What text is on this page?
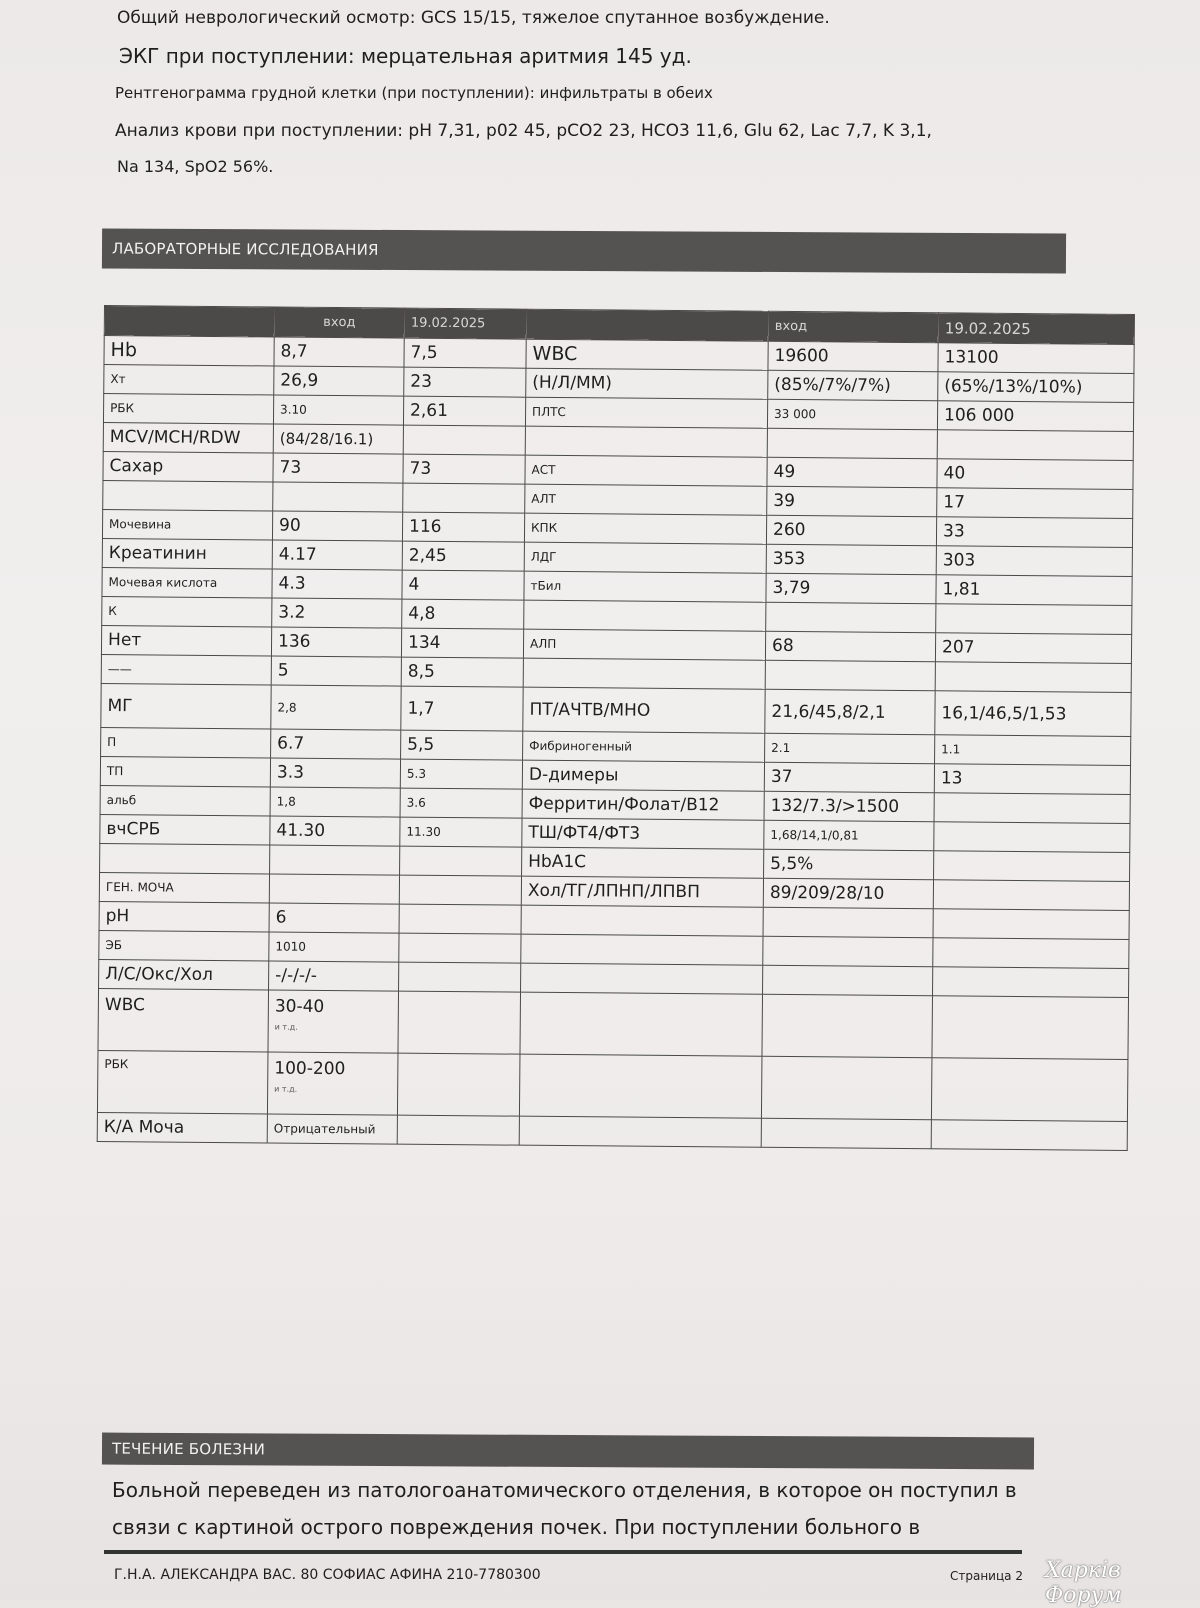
Общий неврологический осмотр: GCS 15/15, тяжелое спутанное возбуждение.
ЭКГ при поступлении: мерцательная аритмия 145 уд.
Рентгенограмма грудной клетки (при поступлении): инфильтраты в обеих
Анализ крови при поступлении: pH 7,31, p02 45, pCO2 23, HCO3 11,6, Glu 62, Lac 7,7, K 3,1,
Na 134, SpO2 56%.
ЛАБОРАТОРНЫЕ ИССЛЕДОВАНИЯ
	вход	19.02.2025		вход	19.02.2025
Hb	8,7	7,5	WBC	19600	13100
Хт	26,9	23	(Н/Л/ММ)	(85%/7%/7%)	(65%/13%/10%)
РБК	3.10	2,61	ПЛТС	33 000	106 000
MCV/MCH/RDW	(84/28/16.1)				
Сахар	73	73	АСТ	49	40
			АЛТ	39	17
Мочевина	90	116	КПК	260	33
Креатинин	4.17	2,45	ЛДГ	353	303
Мочевая кислота	4.3	4	тБил	3,79	1,81
К	3.2	4,8			
Нет	136	134	АЛП	68	207
——	5	8,5			
МГ	2,8	1,7	ПТ/АЧТВ/МНО	21,6/45,8/2,1	16,1/46,5/1,53
П	6.7	5,5	Фибриногенный	2.1	1.1
ТП	3.3	5.3	D-димеры	37	13
альб	1,8	3.6	Ферритин/Фолат/В12	132/7.3/>1500	
вчСРБ	41.30	11.30	ТШ/ФТ4/ФТ3	1,68/14,1/0,81	
			HbA1C	5,5%	
ГЕН. МОЧА			Хол/ТГ/ЛПНП/ЛПВП	89/209/28/10	
pH	6				
ЭБ	1010				
Л/С/Окс/Хол	-/-/-/-				
WBC	30-40
и т.д.				

РБК	100-200
и т.д.				

К/А Моча	Отрицательный				
ТЕЧЕНИЕ БОЛЕЗНИ
Больной переведен из патологоанатомического отделения, в которое он поступил в
связи с картиной острого повреждения почек. При поступлении больного в
Г.Н.А. АЛЕКСАНДРА ВАС. 80 СОФИАС АФИНА 210-7780300	Страница 2 Харків Форум
